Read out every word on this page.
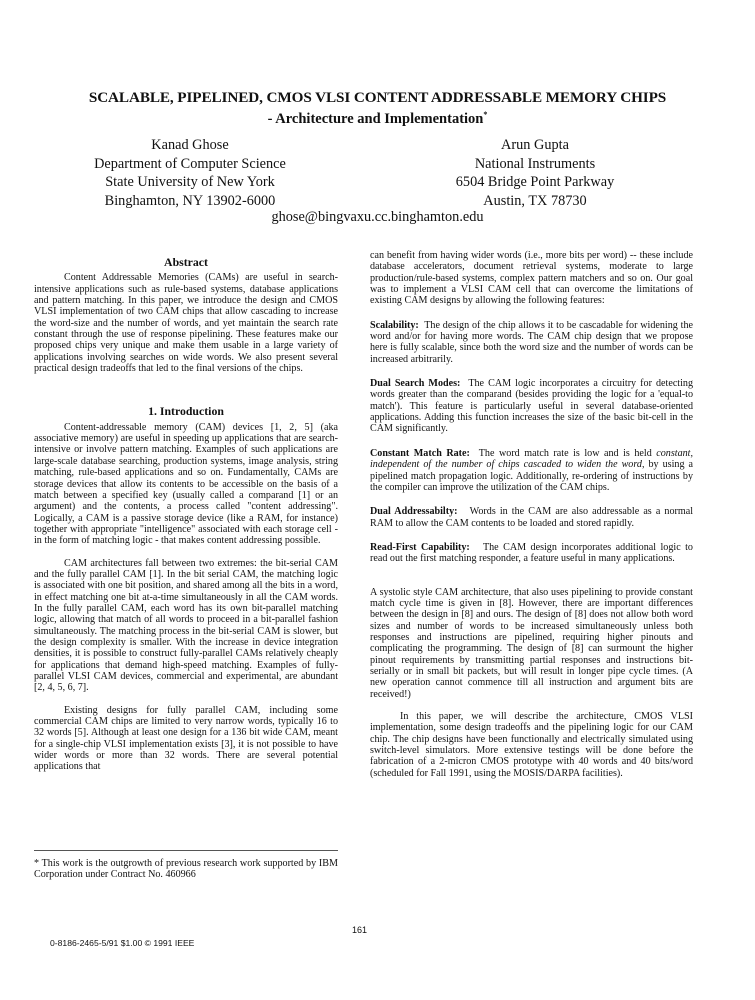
SCALABLE, PIPELINED, CMOS VLSI CONTENT ADDRESSABLE MEMORY CHIPS
- Architecture and Implementation*
Kanad Ghose
Department of Computer Science
State University of New York
Binghamton, NY 13902-6000
Arun Gupta
National Instruments
6504 Bridge Point Parkway
Austin, TX 78730
ghose@bingvaxu.cc.binghamton.edu
Abstract

Content Addressable Memories (CAMs) are useful in search-intensive applications such as rule-based systems, database applications and pattern matching. In this paper, we introduce the design and CMOS VLSI implementation of two CAM chips that allow cascading to increase the word-size and the number of words, and yet maintain the search rate constant through the use of response pipelining. These features make our proposed chips very unique and make them usable in a large variety of applications involving searches on wide words. We also present several practical design tradeoffs that led to the final versions of the chips.

1. Introduction

Content-addressable memory (CAM) devices [1, 2, 5] (aka associative memory) are useful in speeding up applications that are search-intensive or involve pattern matching. Examples of such applications are large-scale database searching, production systems, image analysis, string matching, rule-based applications and so on. Fundamentally, CAMs are storage devices that allow its contents to be accessible on the basis of a match between a specified key (usually called a comparand [1] or an argument) and the contents, a process called "content addressing". Logically, a CAM is a passive storage device (like a RAM, for instance) together with appropriate "intelligence" associated with each storage cell - in the form of matching logic - that makes content addressing possible.

CAM architectures fall between two extremes: the bit-serial CAM and the fully parallel CAM [1]. In the bit serial CAM, the matching logic is associated with one bit position, and shared among all the bits in a word, in effect matching one bit at-a-time simultaneously in all the CAM words. In the fully parallel CAM, each word has its own bit-parallel matching logic, allowing that match of all words to proceed in a bit-parallel fashion simultaneously. The matching process in the bit-serial CAM is slower, but the design complexity is smaller. With the increase in device integration densities, it is possible to construct fully-parallel CAMs relatively cheaply for applications that demand high-speed matching. Examples of fully-parallel VLSI CAM devices, commercial and experimental, are abundant [2, 4, 5, 6, 7].

Existing designs for fully parallel CAM, including some commercial CAM chips are limited to very narrow words, typically 16 to 32 words [5]. Although at least one design for a 136 bit wide CAM, meant for a single-chip VLSI implementation exists [3], it is not possible to have wider words or more than 32 words. There are several potential applications that

* This work is the outgrowth of previous research work supported by IBM Corporation under Contract No. 460966

can benefit from having wider words (i.e., more bits per word) -- these include database accelerators, document retrieval systems, moderate to large production/rule-based systems, complex pattern matchers and so on. Our goal was to implement a VLSI CAM cell that can overcome the limitations of existing CAM designs by allowing the following features:

Scalability: The design of the chip allows it to be cascadable for widening the word and/or for having more words. The CAM chip design that we propose here is fully scalable, since both the word size and the number of words can be increased arbitrarily.

Dual Search Modes: The CAM logic incorporates a circuitry for detecting words greater than the comparand (besides providing the logic for a 'equal-to match'). This feature is particularly useful in several database-oriented applications. Adding this function increases the size of the basic bit-cell in the CAM significantly.

Constant Match Rate: The word match rate is low and is held constant, independent of the number of chips cascaded to widen the word, by using a pipelined match propagation logic. Additionally, re-ordering of instructions by the compiler can improve the utilization of the CAM chips.

Dual Addressabilty: Words in the CAM are also addressable as a normal RAM to allow the CAM contents to be loaded and stored rapidly.

Read-First Capability: The CAM design incorporates additional logic to read out the first matching responder, a feature useful in many applications.

A systolic style CAM architecture, that also uses pipelining to provide constant match cycle time is given in [8]. However, there are important differences between the design in [8] and ours. The design of [8] does not allow both word sizes and number of words to be increased simultaneously unless both responses and instructions are pipelined, requiring higher pinouts and complicating the programming. The design of [8] can surmount the higher pinout requirements by transmitting partial responses and instructions bit-serially or in small bit packets, but will result in longer pipe cycle times. (A new operation cannot commence till all instruction and argument bits are received!)

In this paper, we will describe the architecture, CMOS VLSI implementation, some design tradeoffs and the pipelining logic for our CAM chip. The chip designs have been functionally and electrically simulated using switch-level simulators. More extensive testings will be done before the fabrication of a 2-micron CMOS prototype with 40 words and 40 bits/word (scheduled for Fall 1991, using the MOSIS/DARPA facilities).

161
0-8186-2465-5/91 $1.00 © 1991 IEEE
